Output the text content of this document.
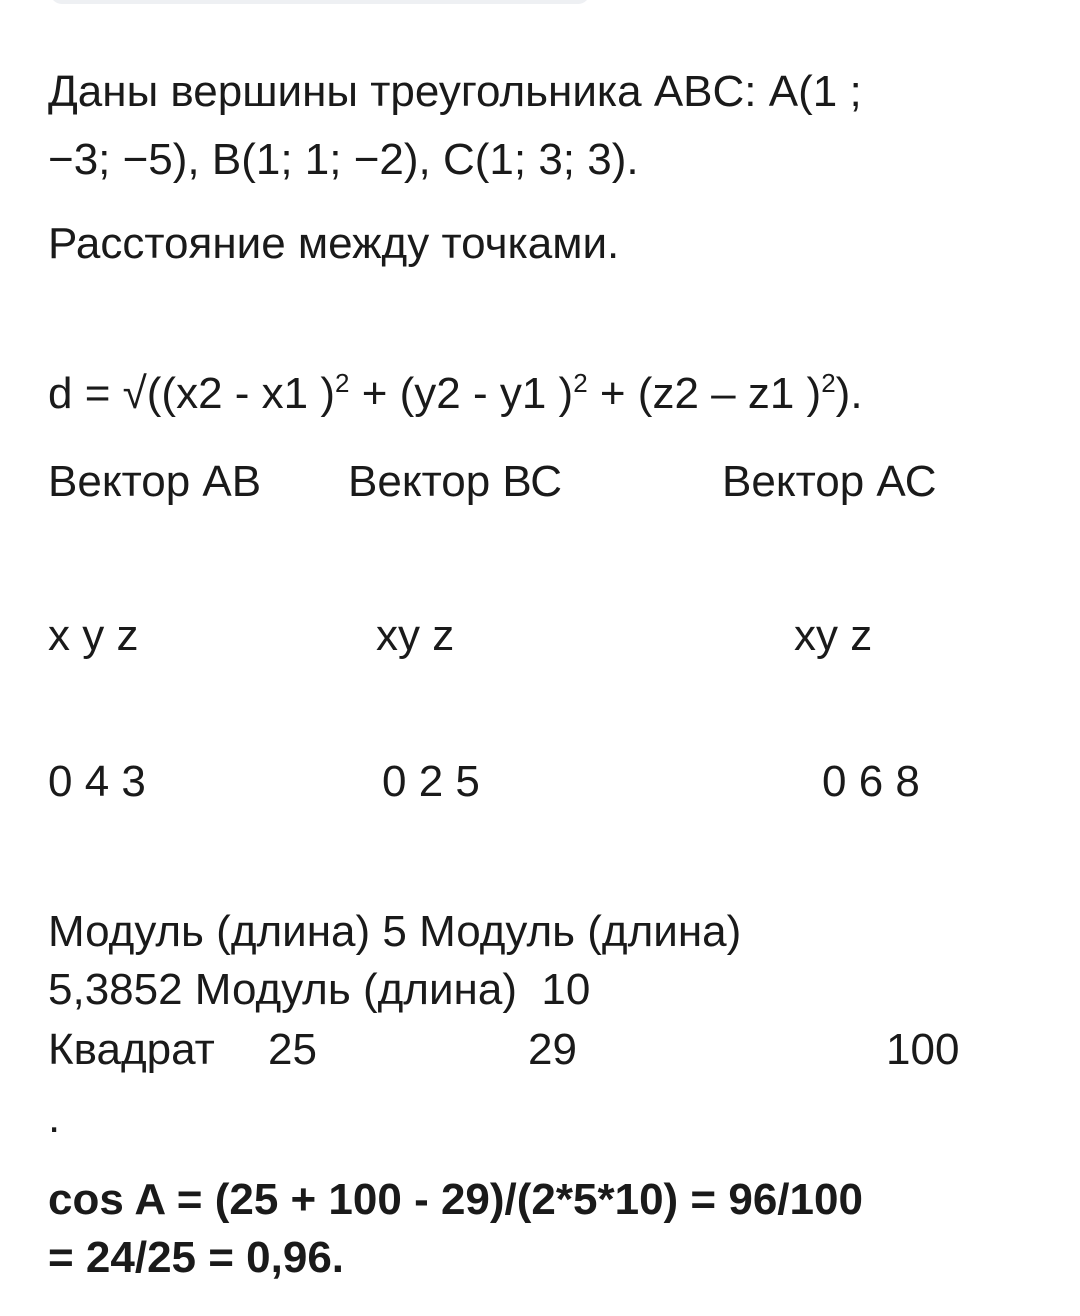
Даны вершины треугольника ABC: А(1 ;
−3; −5), В(1; 1; −2), С(1; 3; 3).
Расстояние между точками.
d = √((x2 - x1 )$^2$ + (y2 - y1 )$^2$ + (z2 – z1 )$^2$).
Вектор АВ Вектор ВС	Вектор АС
x y z	xy z	xy z
0 4 3	0 2 5	0 6 8
Модуль (длина) 5 Модуль (длина)
5,3852 Модуль (длина)  10
Квадрат 25	29	100
.
cos A = (25 + 100 - 29)/(2*5*10) = 96/100
= 24/25 = 0,96.
